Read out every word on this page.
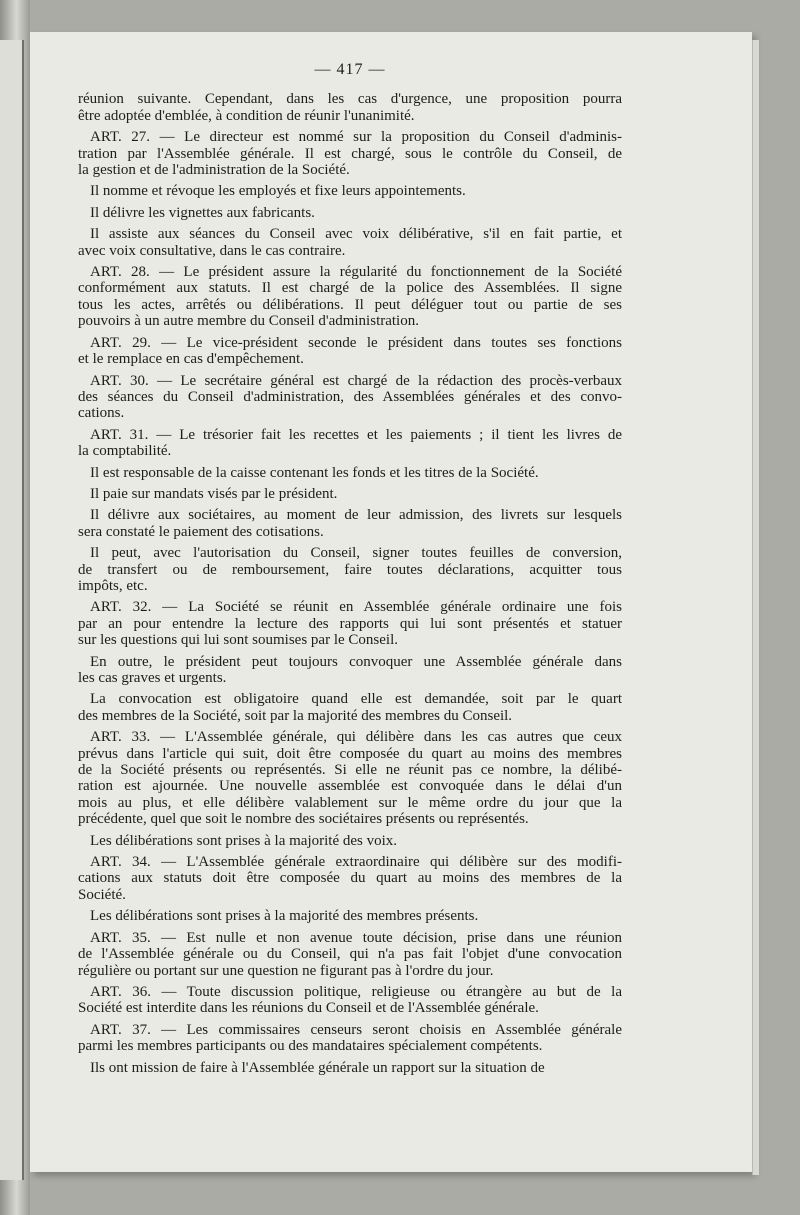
— 417 —
réunion suivante. Cependant, dans les cas d'urgence, une proposition pourra
être adoptée d'emblée, à condition de réunir l'unanimité.
ART. 27. — Le directeur est nommé sur la proposition du Conseil d'adminis-
tration par l'Assemblée générale. Il est chargé, sous le contrôle du Conseil, de
la gestion et de l'administration de la Société.
Il nomme et révoque les employés et fixe leurs appointements.
Il délivre les vignettes aux fabricants.
Il assiste aux séances du Conseil avec voix délibérative, s'il en fait partie, et
avec voix consultative, dans le cas contraire.
ART. 28. — Le président assure la régularité du fonctionnement de la Société
conformément aux statuts. Il est chargé de la police des Assemblées. Il signe
tous les actes, arrêtés ou délibérations. Il peut déléguer tout ou partie de ses
pouvoirs à un autre membre du Conseil d'administration.
ART. 29. — Le vice-président seconde le président dans toutes ses fonctions
et le remplace en cas d'empêchement.
ART. 30. — Le secrétaire général est chargé de la rédaction des procès-verbaux
des séances du Conseil d'administration, des Assemblées générales et des convo-
cations.
ART. 31. — Le trésorier fait les recettes et les paiements ; il tient les livres de
la comptabilité.
Il est responsable de la caisse contenant les fonds et les titres de la Société.
Il paie sur mandats visés par le président.
Il délivre aux sociétaires, au moment de leur admission, des livrets sur lesquels
sera constaté le paiement des cotisations.
Il peut, avec l'autorisation du Conseil, signer toutes feuilles de conversion,
de transfert ou de remboursement, faire toutes déclarations, acquitter tous
impôts, etc.
ART. 32. — La Société se réunit en Assemblée générale ordinaire une fois
par an pour entendre la lecture des rapports qui lui sont présentés et statuer
sur les questions qui lui sont soumises par le Conseil.
En outre, le président peut toujours convoquer une Assemblée générale dans
les cas graves et urgents.
La convocation est obligatoire quand elle est demandée, soit par le quart
des membres de la Société, soit par la majorité des membres du Conseil.
ART. 33. — L'Assemblée générale, qui délibère dans les cas autres que ceux
prévus dans l'article qui suit, doit être composée du quart au moins des membres
de la Société présents ou représentés. Si elle ne réunit pas ce nombre, la délibé-
ration est ajournée. Une nouvelle assemblée est convoquée dans le délai d'un
mois au plus, et elle délibère valablement sur le même ordre du jour que la
précédente, quel que soit le nombre des sociétaires présents ou représentés.
Les délibérations sont prises à la majorité des voix.
ART. 34. — L'Assemblée générale extraordinaire qui délibère sur des modifi-
cations aux statuts doit être composée du quart au moins des membres de la
Société.
Les délibérations sont prises à la majorité des membres présents.
ART. 35. — Est nulle et non avenue toute décision, prise dans une réunion
de l'Assemblée générale ou du Conseil, qui n'a pas fait l'objet d'une convocation
régulière ou portant sur une question ne figurant pas à l'ordre du jour.
ART. 36. — Toute discussion politique, religieuse ou étrangère au but de la
Société est interdite dans les réunions du Conseil et de l'Assemblée générale.
ART. 37. — Les commissaires censeurs seront choisis en Assemblée générale
parmi les membres participants ou des mandataires spécialement compétents.
Ils ont mission de faire à l'Assemblée générale un rapport sur la situation de
